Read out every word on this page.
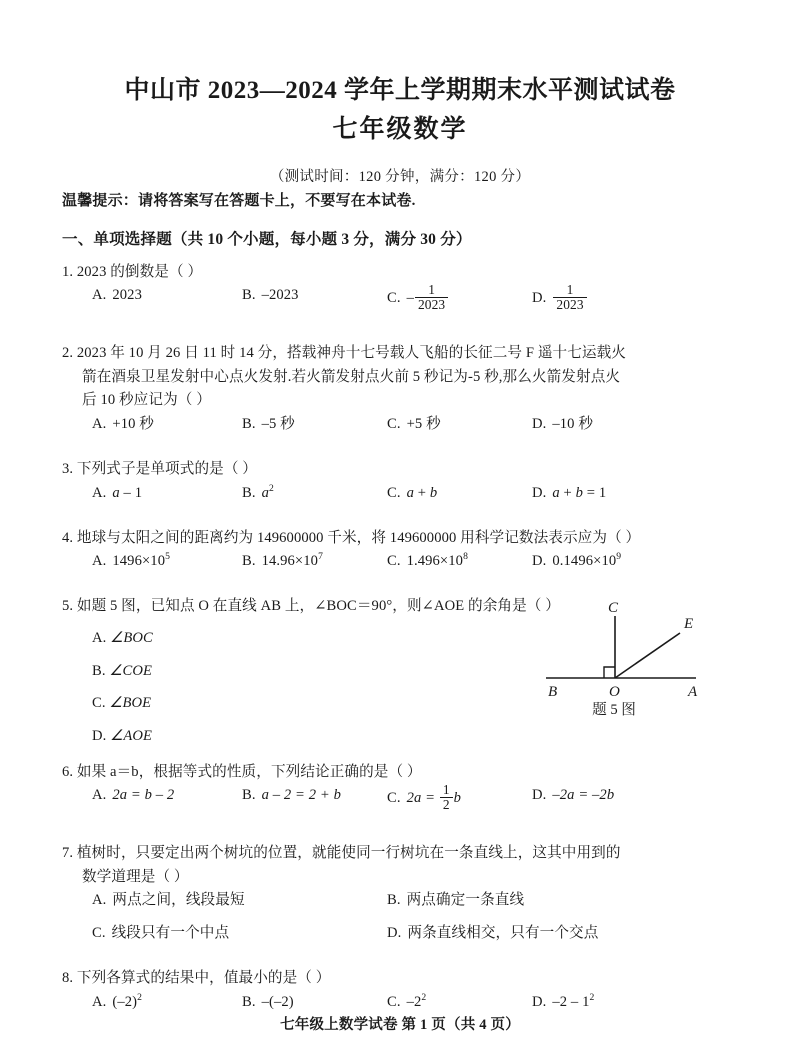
中山市 2023—2024 学年上学期期末水平测试试卷
七年级数学
（测试时间：120 分钟，满分：120 分）
温馨提示：请将答案写在答题卡上，不要写在本试卷.
一、单项选择题（共 10 个小题，每小题 3 分，满分 30 分）
1. 2023 的倒数是（ ）
A. 2023	B. –2023	C. – $\frac{1}{2023}$	D. $\frac{1}{2023}$
2. 2023 年 10 月 26 日 11 时 14 分，搭载神舟十七号载人飞船的长征二号 F 遥十七运载火
箭在酒泉卫星发射中心点火发射.若火箭发射点火前 5 秒记为-5 秒,那么火箭发射点火
后 10 秒应记为（ ）
A. +10 秒	B. –5 秒	C. +5 秒	D. –10 秒
3. 下列式子是单项式的是（ ）
A. a – 1	B. $a^2$	C. a + b	D. a + b = 1
4. 地球与太阳之间的距离约为 149600000 千米，将 149600000 用科学记数法表示应为（ ）
A. $1496\times 10^5$	B. $14.96\times 10^7$	C. $1.496\times 10^8$	D. $0.1496\times 10^9$
5. 如题 5 图，已知点 O 在直线 AB 上，∠BOC＝90°，则∠AOE 的余角是（ ）
A. ∠BOC
B. ∠COE
C. ∠BOE
D. ∠AOE
6. 如果 a＝b，根据等式的性质，下列结论正确的是（ ）
A. 2a = b – 2	B. a – 2 = 2 + b	C. $2a = \frac{1}{2}$ b	D. –2a = –2b
7. 植树时，只要定出两个树坑的位置，就能使同一行树坑在一条直线上，这其中用到的
数学道理是（ ）
A. 两点之间，线段最短	B. 两点确定一条直线
C. 线段只有一个中点	D. 两条直线相交，只有一个交点
8. 下列各算式的结果中，值最小的是（ ）
A. $(-2)^2$	B. –(–2)	C. $-2^2$	D. $-2 - 1^2$
B	O	A
C
E
题 5 图
七年级上数学试卷 第 1 页（共 4 页）
